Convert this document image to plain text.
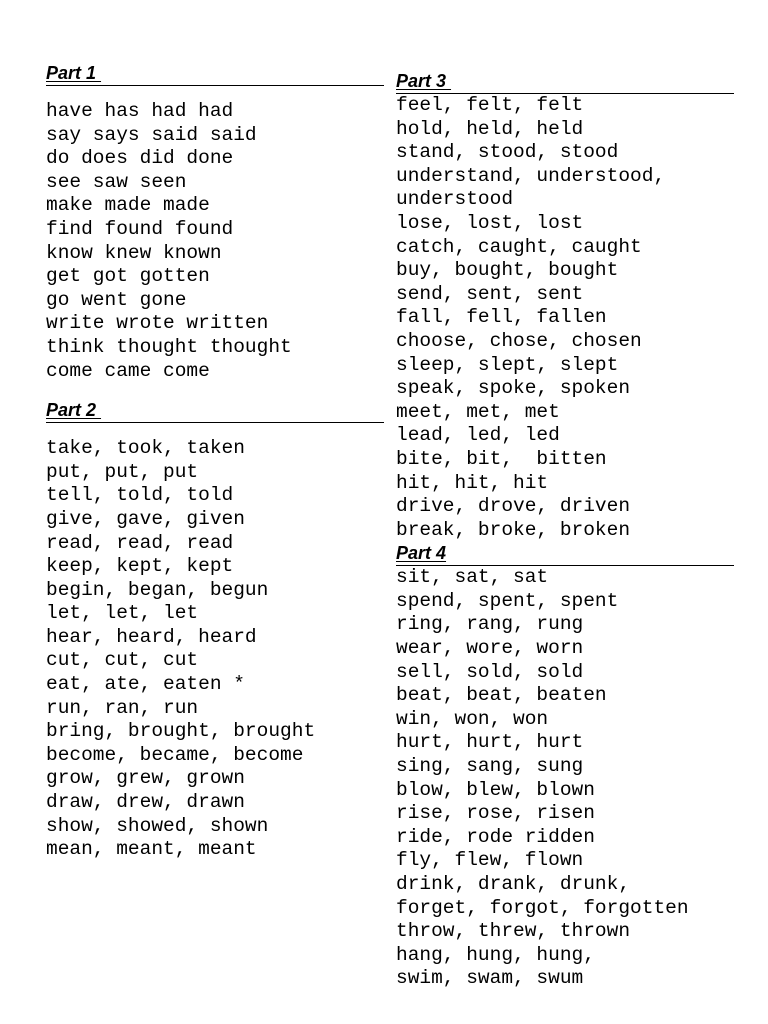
Part 1
have has had had
say says said said
do does did done
see saw seen
make made made
find found found
know knew known
get got gotten
go went gone
write wrote written
think thought thought
come came come
Part 2
take, took, taken
put, put, put
tell, told, told
give, gave, given
read, read, read
keep, kept, kept
begin, began, begun
let, let, let
hear, heard, heard
cut, cut, cut
eat, ate, eaten *
run, ran, run
bring, brought, brought
become, became, become
grow, grew, grown
draw, drew, drawn
show, showed, shown
mean, meant, meant
Part 3
feel, felt, felt
hold, held, held
stand, stood, stood
understand, understood,
understood
lose, lost, lost
catch, caught, caught
buy, bought, bought
send, sent, sent
fall, fell, fallen
choose, chose, chosen
sleep, slept, slept
speak, spoke, spoken
meet, met, met
lead, led, led
bite, bit,  bitten
hit, hit, hit
drive, drove, driven
break, broke, broken
Part 4
sit, sat, sat
spend, spent, spent
ring, rang, rung
wear, wore, worn
sell, sold, sold
beat, beat, beaten
win, won, won
hurt, hurt, hurt
sing, sang, sung
blow, blew, blown
rise, rose, risen
ride, rode ridden
fly, flew, flown
drink, drank, drunk,
forget, forgot, forgotten
throw, threw, thrown
hang, hung, hung,
swim, swam, swum
